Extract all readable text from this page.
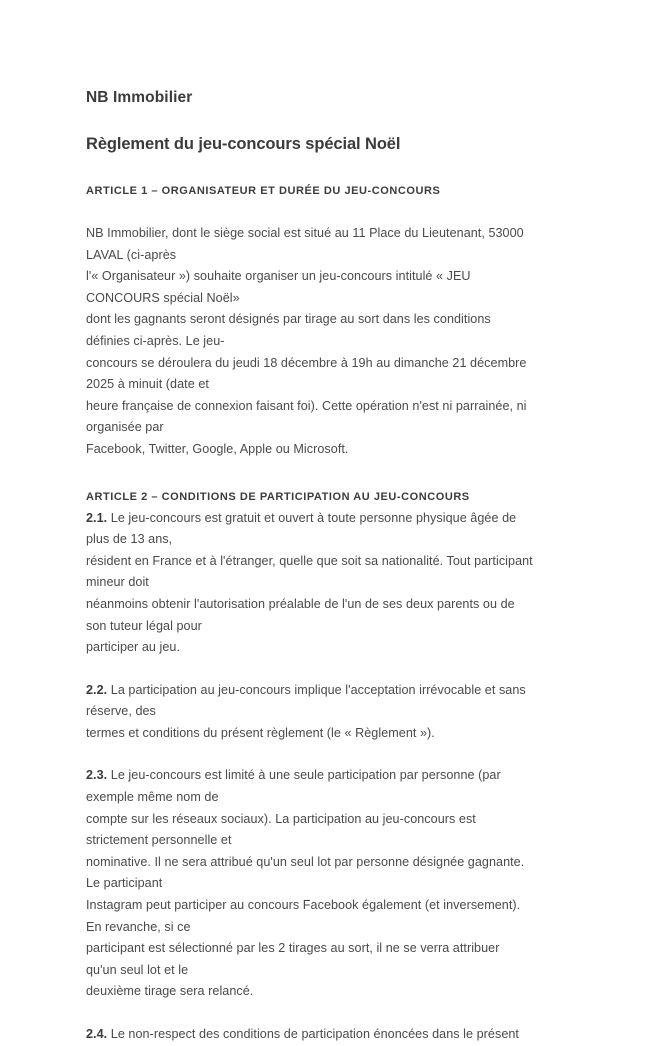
NB Immobilier
Règlement du jeu-concours spécial Noël
ARTICLE 1 – ORGANISATEUR ET DURÉE DU JEU-CONCOURS

NB Immobilier, dont le siège social est situé au 11 Place du Lieutenant, 53000
LAVAL (ci-après
l'« Organisateur ») souhaite organiser un jeu-concours intitulé « JEU
CONCOURS spécial Noël»
dont les gagnants seront désignés par tirage au sort dans les conditions
définies ci-après. Le jeu-
concours se déroulera du jeudi 18 décembre à 19h au dimanche 21 décembre
2025 à minuit (date et
heure française de connexion faisant foi). Cette opération n'est ni parrainée, ni
organisée par
Facebook, Twitter, Google, Apple ou Microsoft.

ARTICLE 2 – CONDITIONS DE PARTICIPATION AU JEU-CONCOURS

2.1. Le jeu-concours est gratuit et ouvert à toute personne physique âgée de
plus de 13 ans,
résident en France et à l'étranger, quelle que soit sa nationalité. Tout participant
mineur doit
néanmoins obtenir l'autorisation préalable de l'un de ses deux parents ou de
son tuteur légal pour
participer au jeu.

2.2. La participation au jeu-concours implique l'acceptation irrévocable et sans
réserve, des
termes et conditions du présent règlement (le « Règlement »).

2.3. Le jeu-concours est limité à une seule participation par personne (par
exemple même nom de
compte sur les réseaux sociaux). La participation au jeu-concours est
strictement personnelle et
nominative. Il ne sera attribué qu'un seul lot par personne désignée gagnante.
Le participant
Instagram peut participer au concours Facebook également (et inversement).
En revanche, si ce
participant est sélectionné par les 2 tirages au sort, il ne se verra attribuer
qu'un seul lot et le
deuxième tirage sera relancé.

2.4. Le non-respect des conditions de participation énoncées dans le présent
